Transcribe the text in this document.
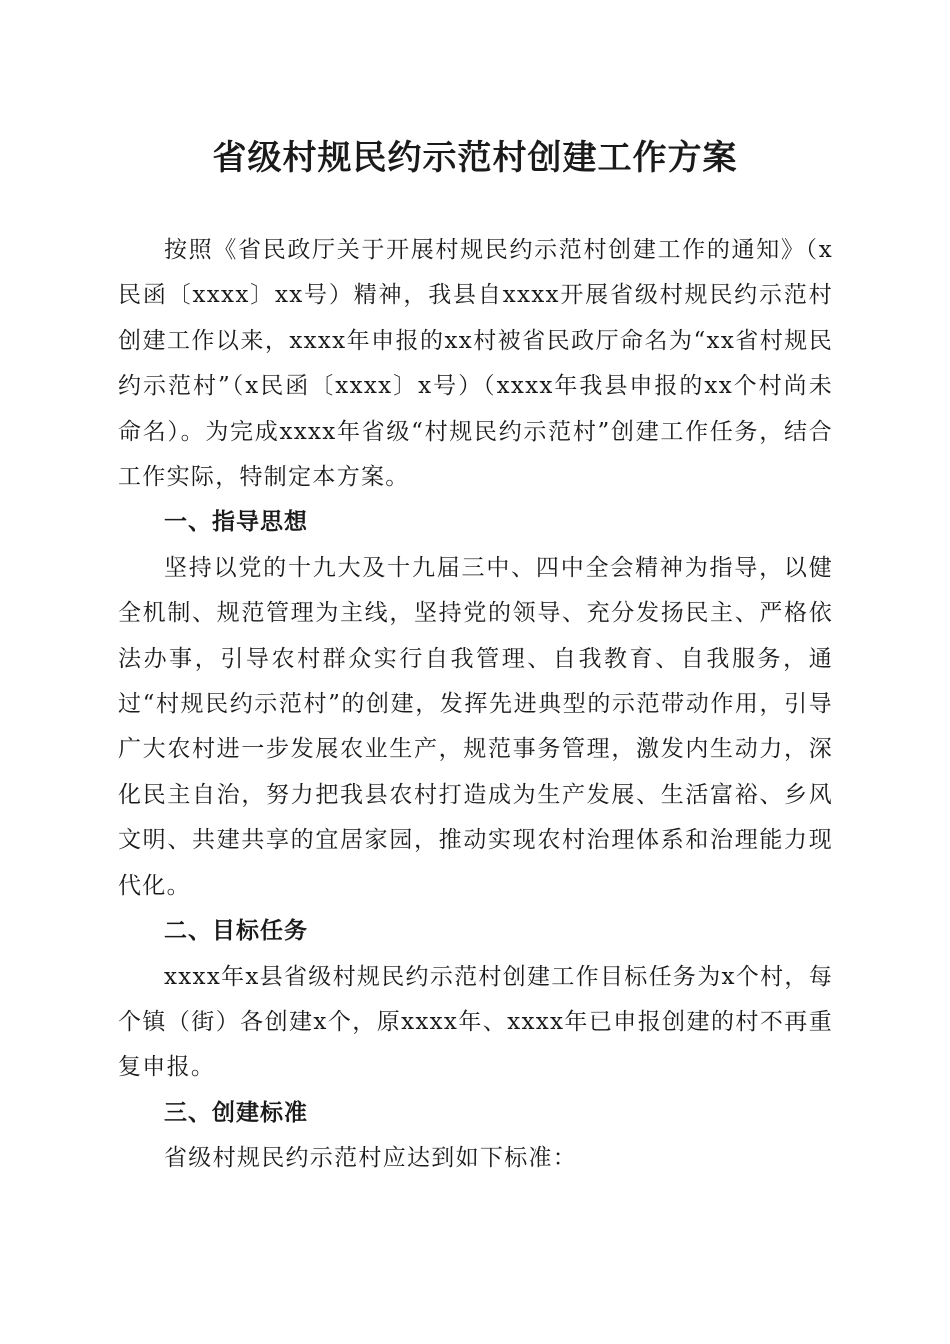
省级村规民约示范村创建工作方案

按照《省民政厅关于开展村规民约示范村创建工作的通知》（x民函〔xxxx〕xx号）精神，我县自xxxx开展省级村规民约示范村创建工作以来，xxxx年申报的xx村被省民政厅命名为“xx省村规民约示范村”（x民函〔xxxx〕x号）（xxxx年我县申报的xx个村尚未命名）。为完成xxxx年省级“村规民约示范村”创建工作任务，结合工作实际，特制定本方案。

一、指导思想

坚持以党的十九大及十九届三中、四中全会精神为指导，以健全机制、规范管理为主线，坚持党的领导、充分发扬民主、严格依法办事，引导农村群众实行自我管理、自我教育、自我服务，通过“村规民约示范村”的创建，发挥先进典型的示范带动作用，引导广大农村进一步发展农业生产，规范事务管理，激发内生动力，深化民主自治，努力把我县农村打造成为生产发展、生活富裕、乡风文明、共建共享的宜居家园，推动实现农村治理体系和治理能力现代化。

二、目标任务

xxxx年x县省级村规民约示范村创建工作目标任务为x个村，每个镇（街）各创建x个，原xxxx年、xxxx年已申报创建的村不再重复申报。

三、创建标准

省级村规民约示范村应达到如下标准：
